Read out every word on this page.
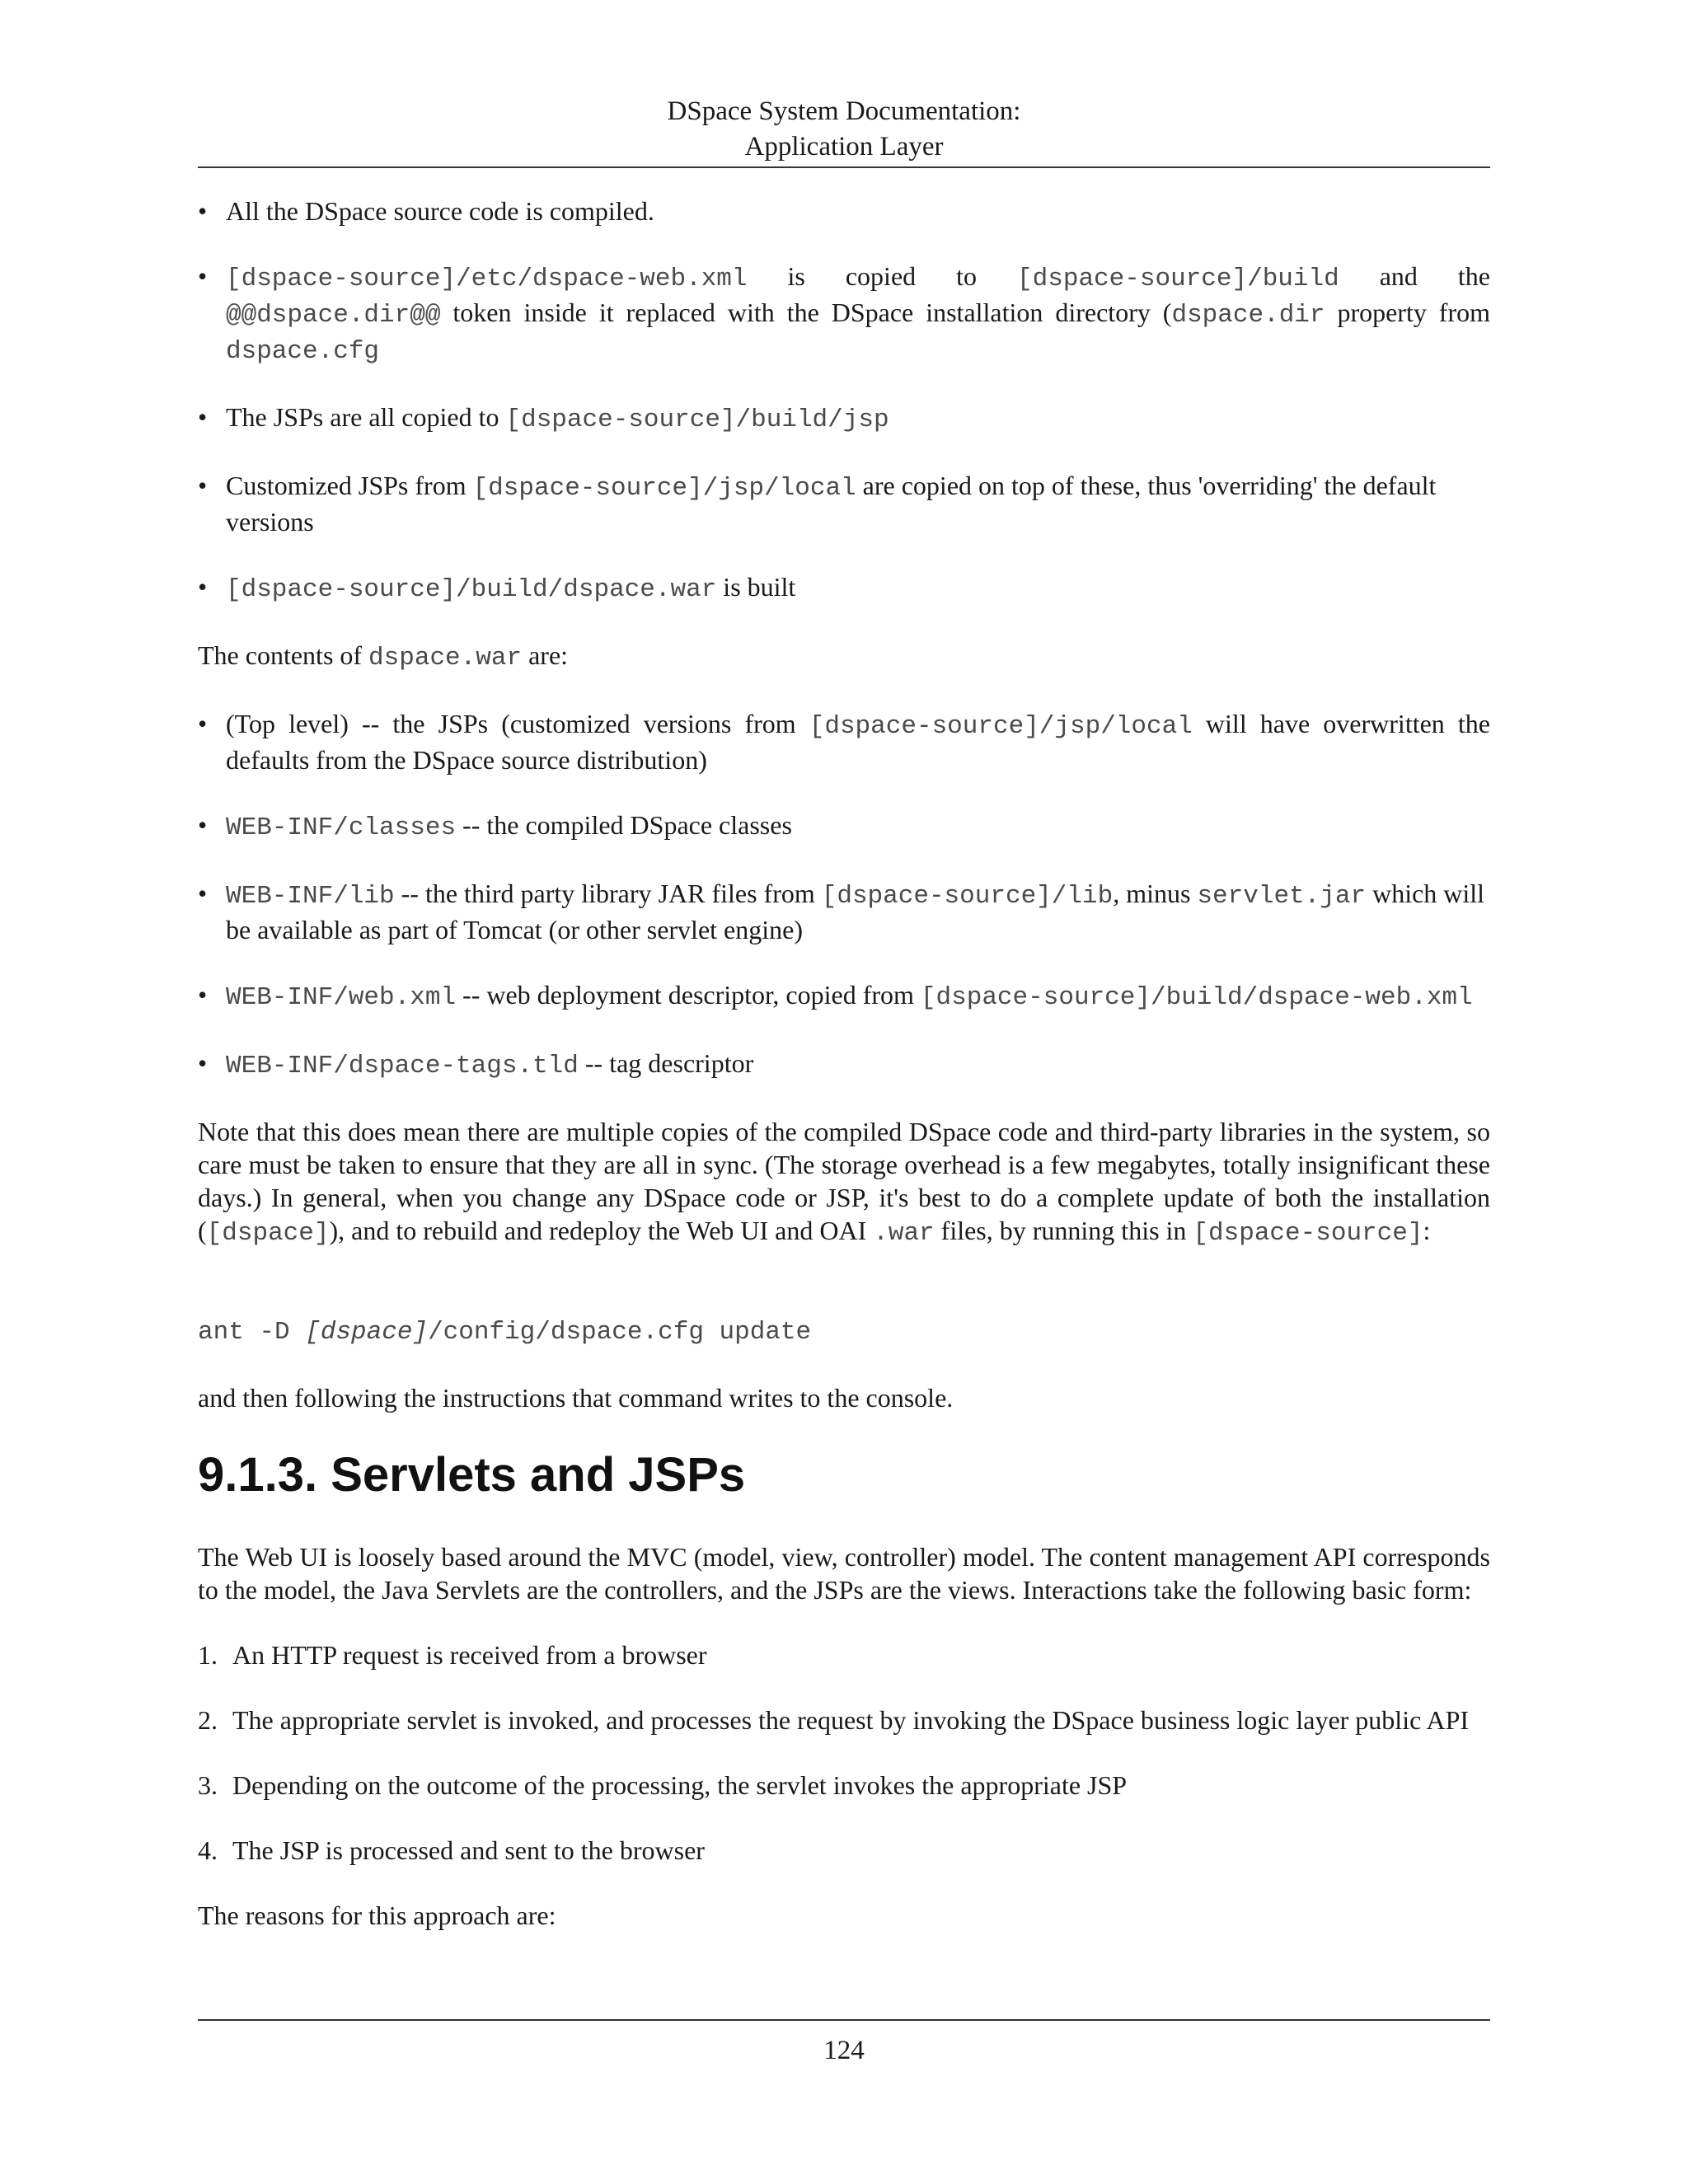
DSpace System Documentation:
Application Layer
• All the DSpace source code is compiled.
• [dspace-source]/etc/dspace-web.xml is copied to [dspace-source]/build and the @@dspace.dir@@ token inside it replaced with the DSpace installation directory (dspace.dir property from dspace.cfg
• The JSPs are all copied to [dspace-source]/build/jsp
• Customized JSPs from [dspace-source]/jsp/local are copied on top of these, thus 'overriding' the default versions
• [dspace-source]/build/dspace.war is built

The contents of dspace.war are:

• (Top level) -- the JSPs (customized versions from [dspace-source]/jsp/local will have overwritten the defaults from the DSpace source distribution)
• WEB-INF/classes -- the compiled DSpace classes
• WEB-INF/lib -- the third party library JAR files from [dspace-source]/lib, minus servlet.jar which will be available as part of Tomcat (or other servlet engine)
• WEB-INF/web.xml -- web deployment descriptor, copied from [dspace-source]/build/dspace-web.xml
• WEB-INF/dspace-tags.tld -- tag descriptor

Note that this does mean there are multiple copies of the compiled DSpace code and third-party libraries in the system, so care must be taken to ensure that they are all in sync. (The storage overhead is a few megabytes, totally insignificant these days.) In general, when you change any DSpace code or JSP, it's best to do a complete update of both the installation ([dspace]), and to rebuild and redeploy the Web UI and OAI .war files, by running this in [dspace-source]:

ant -D [dspace]/config/dspace.cfg update

and then following the instructions that command writes to the console.

9.1.3. Servlets and JSPs

The Web UI is loosely based around the MVC (model, view, controller) model. The content management API corresponds to the model, the Java Servlets are the controllers, and the JSPs are the views. Interactions take the following basic form:

1. An HTTP request is received from a browser
2. The appropriate servlet is invoked, and processes the request by invoking the DSpace business logic layer public API
3. Depending on the outcome of the processing, the servlet invokes the appropriate JSP
4. The JSP is processed and sent to the browser

The reasons for this approach are:

124
